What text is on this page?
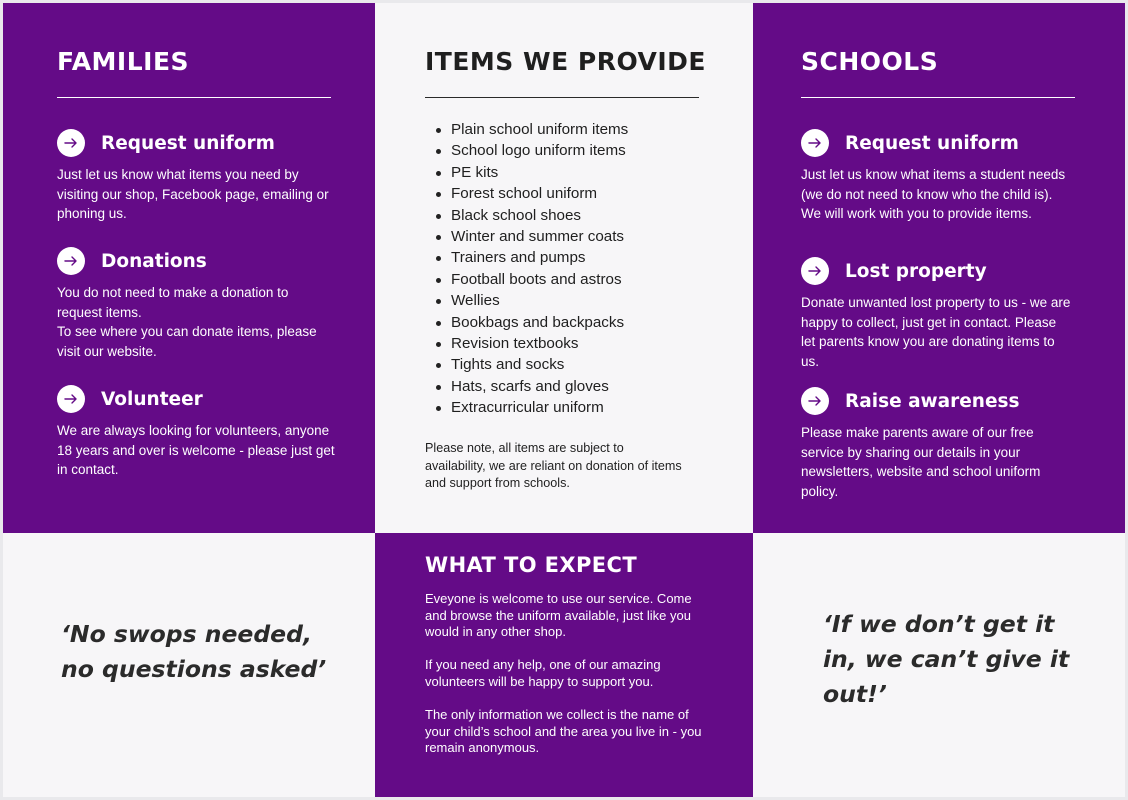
FAMILIES
Request uniform
Just let us know what items you need by visiting our shop, Facebook page, emailing or phoning us.
Donations
You do not need to make a donation to request items.
To see where you can donate items, please visit our website.
Volunteer
We are always looking for volunteers, anyone 18 years and over is welcome - please just get in contact.
ITEMS WE PROVIDE
Plain school uniform items
School logo uniform items
PE kits
Forest school uniform
Black school shoes
Winter and summer coats
Trainers and pumps
Football boots and astros
Wellies
Bookbags and backpacks
Revision textbooks
Tights and socks
Hats, scarfs and gloves
Extracurricular uniform
Please note, all items are subject to availability, we are reliant on donation of items and support from schools.
SCHOOLS
Request uniform
Just let us know what items a student needs (we do not need to know who the child is). We will work with you to provide items.
Lost property
Donate unwanted lost property to us - we are happy to collect, just get in contact. Please let parents know you are donating items to us.
Raise awareness
Please make parents aware of our free service by sharing our details in your newsletters, website and school uniform policy.
‘No swops needed,
no questions asked’
WHAT TO EXPECT
Eveyone is welcome to use our service. Come and browse the uniform available, just like you would in any other shop.
If you need any help, one of our amazing volunteers will be happy to support you.
The only information we collect is the name of your child’s school and the area you live in - you remain anonymous.
‘If we don’t get it
in, we can’t give it
out!’
